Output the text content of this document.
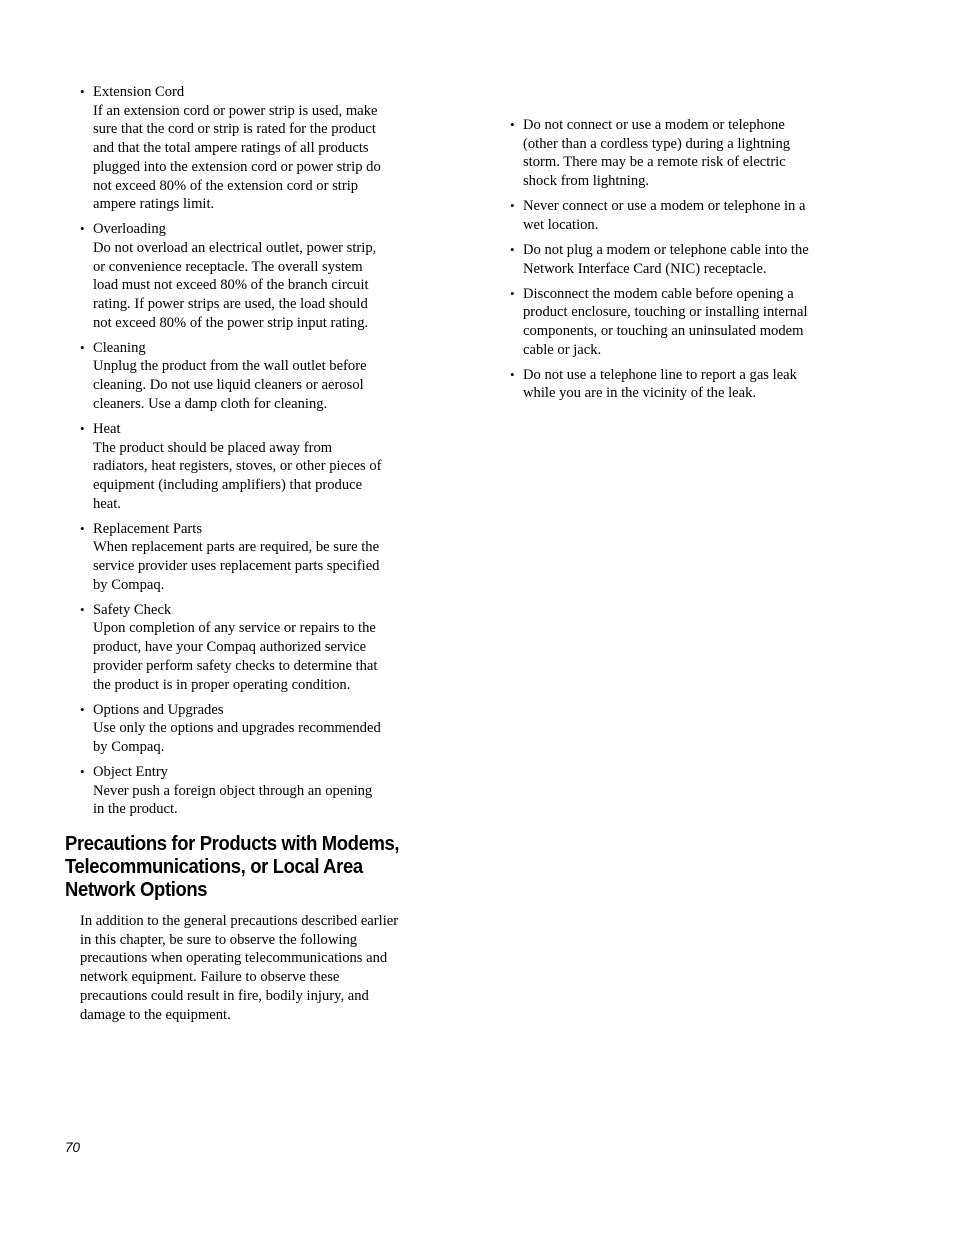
• Extension Cord
If an extension cord or power strip is used, make
sure that the cord or strip is rated for the product
and that the total ampere ratings of all products
plugged into the extension cord or power strip do
not exceed 80% of the extension cord or strip
ampere ratings limit.
• Overloading
Do not overload an electrical outlet, power strip,
or convenience receptacle. The overall system
load must not exceed 80% of the branch circuit
rating. If power strips are used, the load should
not exceed 80% of the power strip input rating.
• Cleaning
Unplug the product from the wall outlet before
cleaning. Do not use liquid cleaners or aerosol
cleaners. Use a damp cloth for cleaning.
• Heat
The product should be placed away from
radiators, heat registers, stoves, or other pieces of
equipment (including amplifiers) that produce
heat.
• Replacement Parts
When replacement parts are required, be sure the
service provider uses replacement parts specified
by Compaq.
• Safety Check
Upon completion of any service or repairs to the
product, have your Compaq authorized service
provider perform safety checks to determine that
the product is in proper operating condition.
• Options and Upgrades
Use only the options and upgrades recommended
by Compaq.
• Object Entry
Never push a foreign object through an opening
in the product.
Precautions for Products with Modems,
Telecommunications, or Local Area
Network Options

In addition to the general precautions described earlier
in this chapter, be sure to observe the following
precautions when operating telecommunications and
network equipment. Failure to observe these
precautions could result in fire, bodily injury, and
damage to the equipment.

• Do not connect or use a modem or telephone
(other than a cordless type) during a lightning
storm. There may be a remote risk of electric
shock from lightning.
• Never connect or use a modem or telephone in a
wet location.
• Do not plug a modem or telephone cable into the
Network Interface Card (NIC) receptacle.
• Disconnect the modem cable before opening a
product enclosure, touching or installing internal
components, or touching an uninsulated modem
cable or jack.
• Do not use a telephone line to report a gas leak
while you are in the vicinity of the leak.
70
